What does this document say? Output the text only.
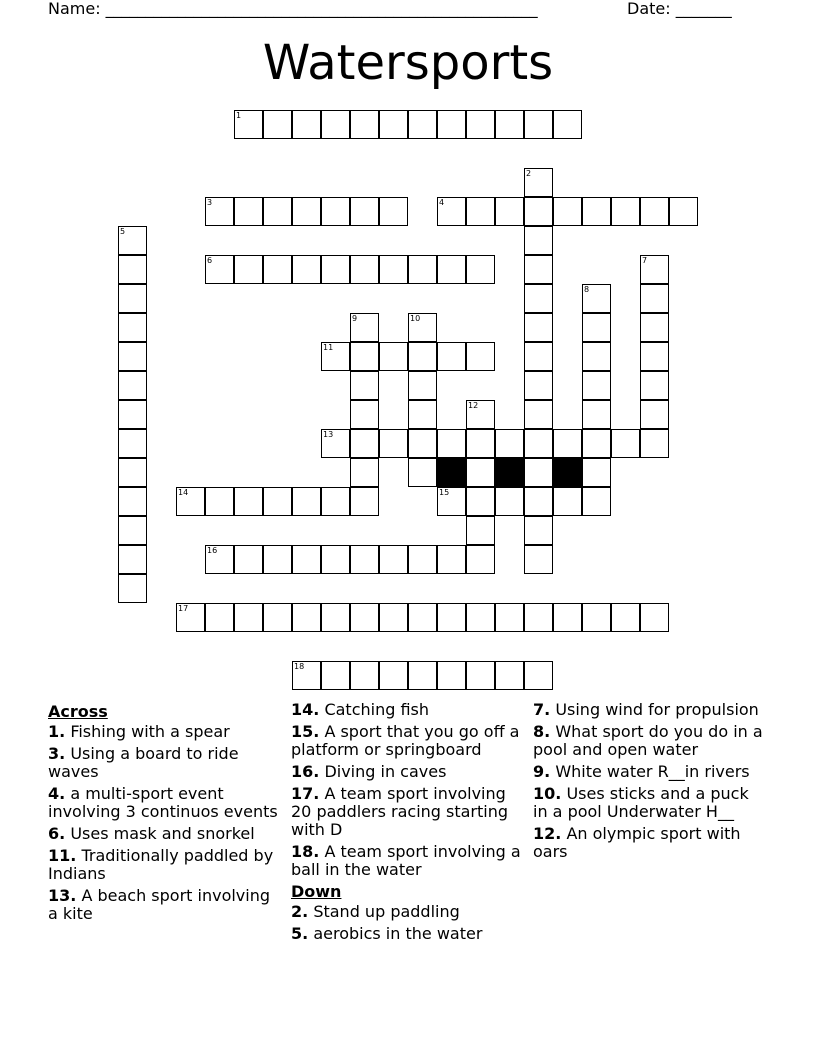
Name: ______________________________________________________	Date: _______
Watersports
1
2
3	4
5
6	7
8
9	10
11
12
13
14	15
16
17
18
Across
1. Fishing with a spear
3. Using a board to ride waves
4. a multi-sport event involving 3 continuos events
6. Uses mask and snorkel
11. Traditionally paddled by Indians
13. A beach sport involving a kite
14. Catching fish
15. A sport that you go off a platform or springboard
16. Diving in caves
17. A team sport involving 20 paddlers racing starting with D
18. A team sport involving a ball in the water
Down
2. Stand up paddling
5. aerobics in the water
7. Using wind for propulsion
8. What sport do you do in a pool and open water
9. White water R__in rivers
10. Uses sticks and a puck in a pool Underwater H__
12. An olympic sport with oars
